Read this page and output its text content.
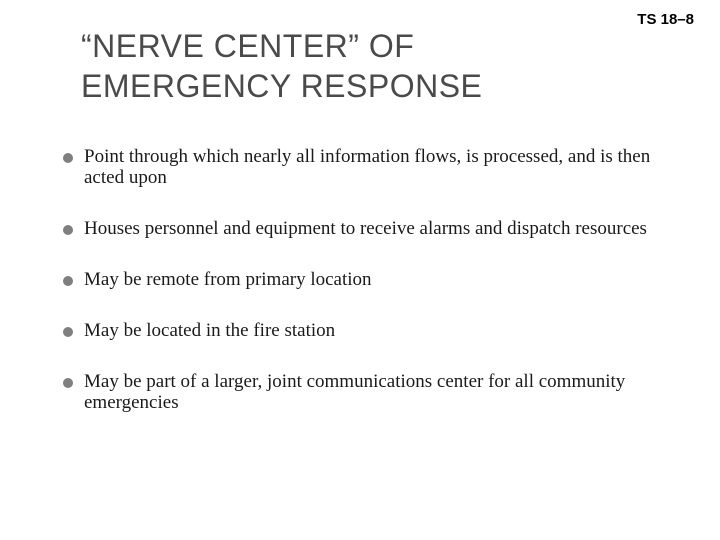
TS 18–8
“NERVE CENTER” OF
EMERGENCY RESPONSE
Point through which nearly all information flows, is processed, and is then acted upon
Houses personnel and equipment to receive alarms and dispatch resources
May be remote from primary location
May be located in the fire station
May be part of a larger, joint communications center for all community emergencies
